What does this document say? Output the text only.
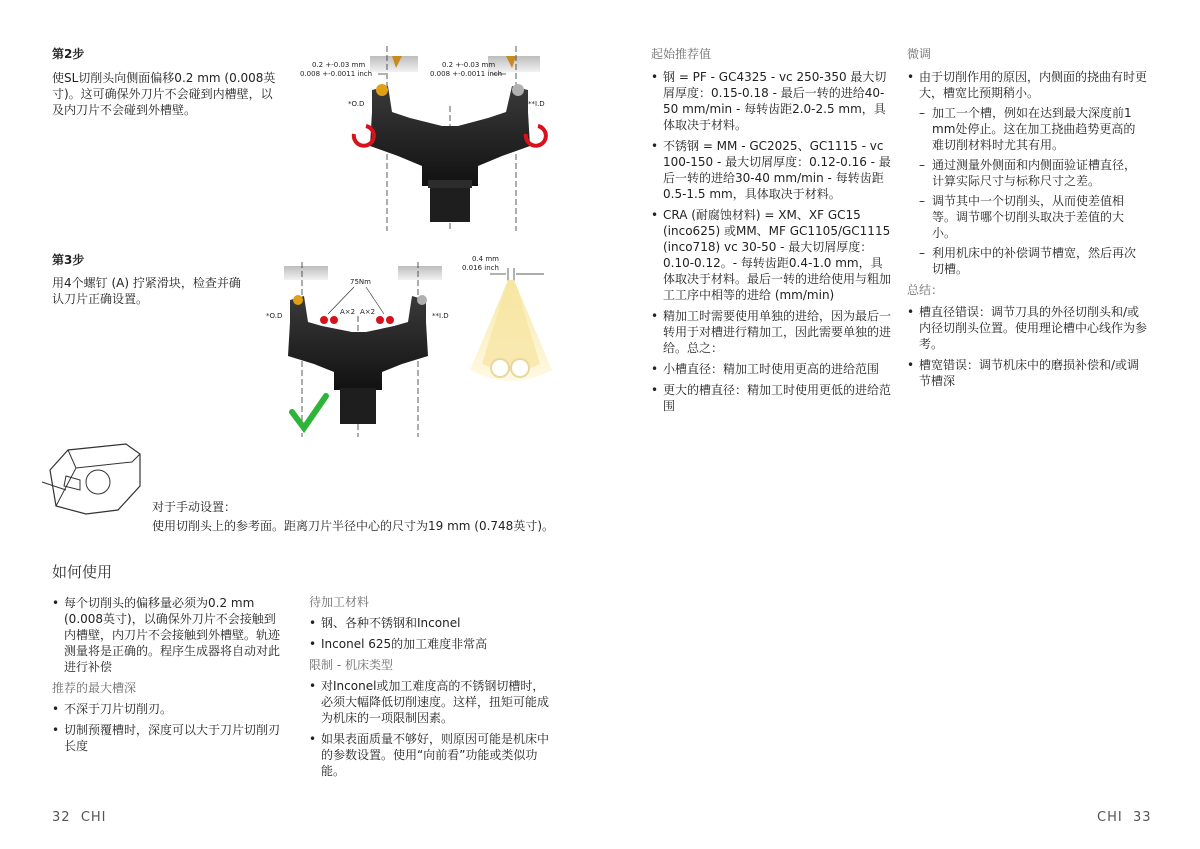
第2步
使SL切削头向侧面偏移0.2 mm (0.008英寸)。这可确保外刀片不会碰到内槽壁，以及内刀片不会碰到外槽壁。
0.2 +-0.03 mm
0.008 +-0.0011 inch
0.2 +-0.03 mm
0.008 +-0.0011 inch
*O.D	**I.D
第3步
用4个螺钉 (A) 拧紧滑块，检查并确认刀片正确设置。
75Nm
*O.D	**I.D
A×2 A×2
0.4 mm
0.016 inch
对于手动设置：
使用切削头上的参考面。距离刀片半径中心的尺寸为19 mm (0.748英寸)。
如何使用
• 每个切削头的偏移量必须为0.2 mm (0.008英寸)，以确保外刀片不会接触到内槽壁，内刀片不会接触到外槽壁。轨迹测量将是正确的。程序生成器将自动对此进行补偿
推荐的最大槽深
• 不深于刀片切削刃。
• 切制预覆槽时，深度可以大于刀片切削刃长度
待加工材料
• 钢、各种不锈钢和Inconel
• Inconel 625的加工难度非常高
限制 - 机床类型
• 对Inconel或加工难度高的不锈钢切槽时，必须大幅降低切削速度。这样，扭矩可能成为机床的一项限制因素。
• 如果表面质量不够好，则原因可能是机床中的参数设置。使用“向前看”功能或类似功能。
32 CHI
起始推荐值
• 钢 = PF - GC4325 - vc 250-350 最大切屑厚度：0.15-0.18 - 最后一转的进给40-50 mm/min - 每转齿距2.0-2.5 mm，具体取决于材料。
• 不锈钢 = MM - GC2025、GC1115 - vc 100-150 - 最大切屑厚度：0.12-0.16 - 最后一转的进给30-40 mm/min - 每转齿距0.5-1.5 mm，具体取决于材料。
• CRA (耐腐蚀材料) = XM、XF GC15 (inco625) 或MM、MF GC1105/GC1115 (inco718) vc 30-50 - 最大切屑厚度：0.10-0.12。- 每转齿距0.4-1.0 mm，具体取决于材料。最后一转的进给使用与粗加工工序中相等的进给 (mm/min)
• 精加工时需要使用单独的进给，因为最后一转用于对槽进行精加工，因此需要单独的进给。总之：
• 小槽直径：精加工时使用更高的进给范围
• 更大的槽直径：精加工时使用更低的进给范围
微调
• 由于切削作用的原因，内侧面的挠曲有时更大，槽宽比预期稍小。
– 加工一个槽，例如在达到最大深度前1 mm处停止。这在加工挠曲趋势更高的难切削材料时尤其有用。
– 通过测量外侧面和内侧面验证槽直径，计算实际尺寸与标称尺寸之差。
– 调节其中一个切削头，从而使差值相等。调节哪个切削头取决于差值的大小。
– 利用机床中的补偿调节槽宽，然后再次切槽。
总结：
• 槽直径错误：调节刀具的外径切削头和/或内径切削头位置。使用理论槽中心线作为参考。
• 槽宽错误：调节机床中的磨损补偿和/或调节槽深
CHI 33
